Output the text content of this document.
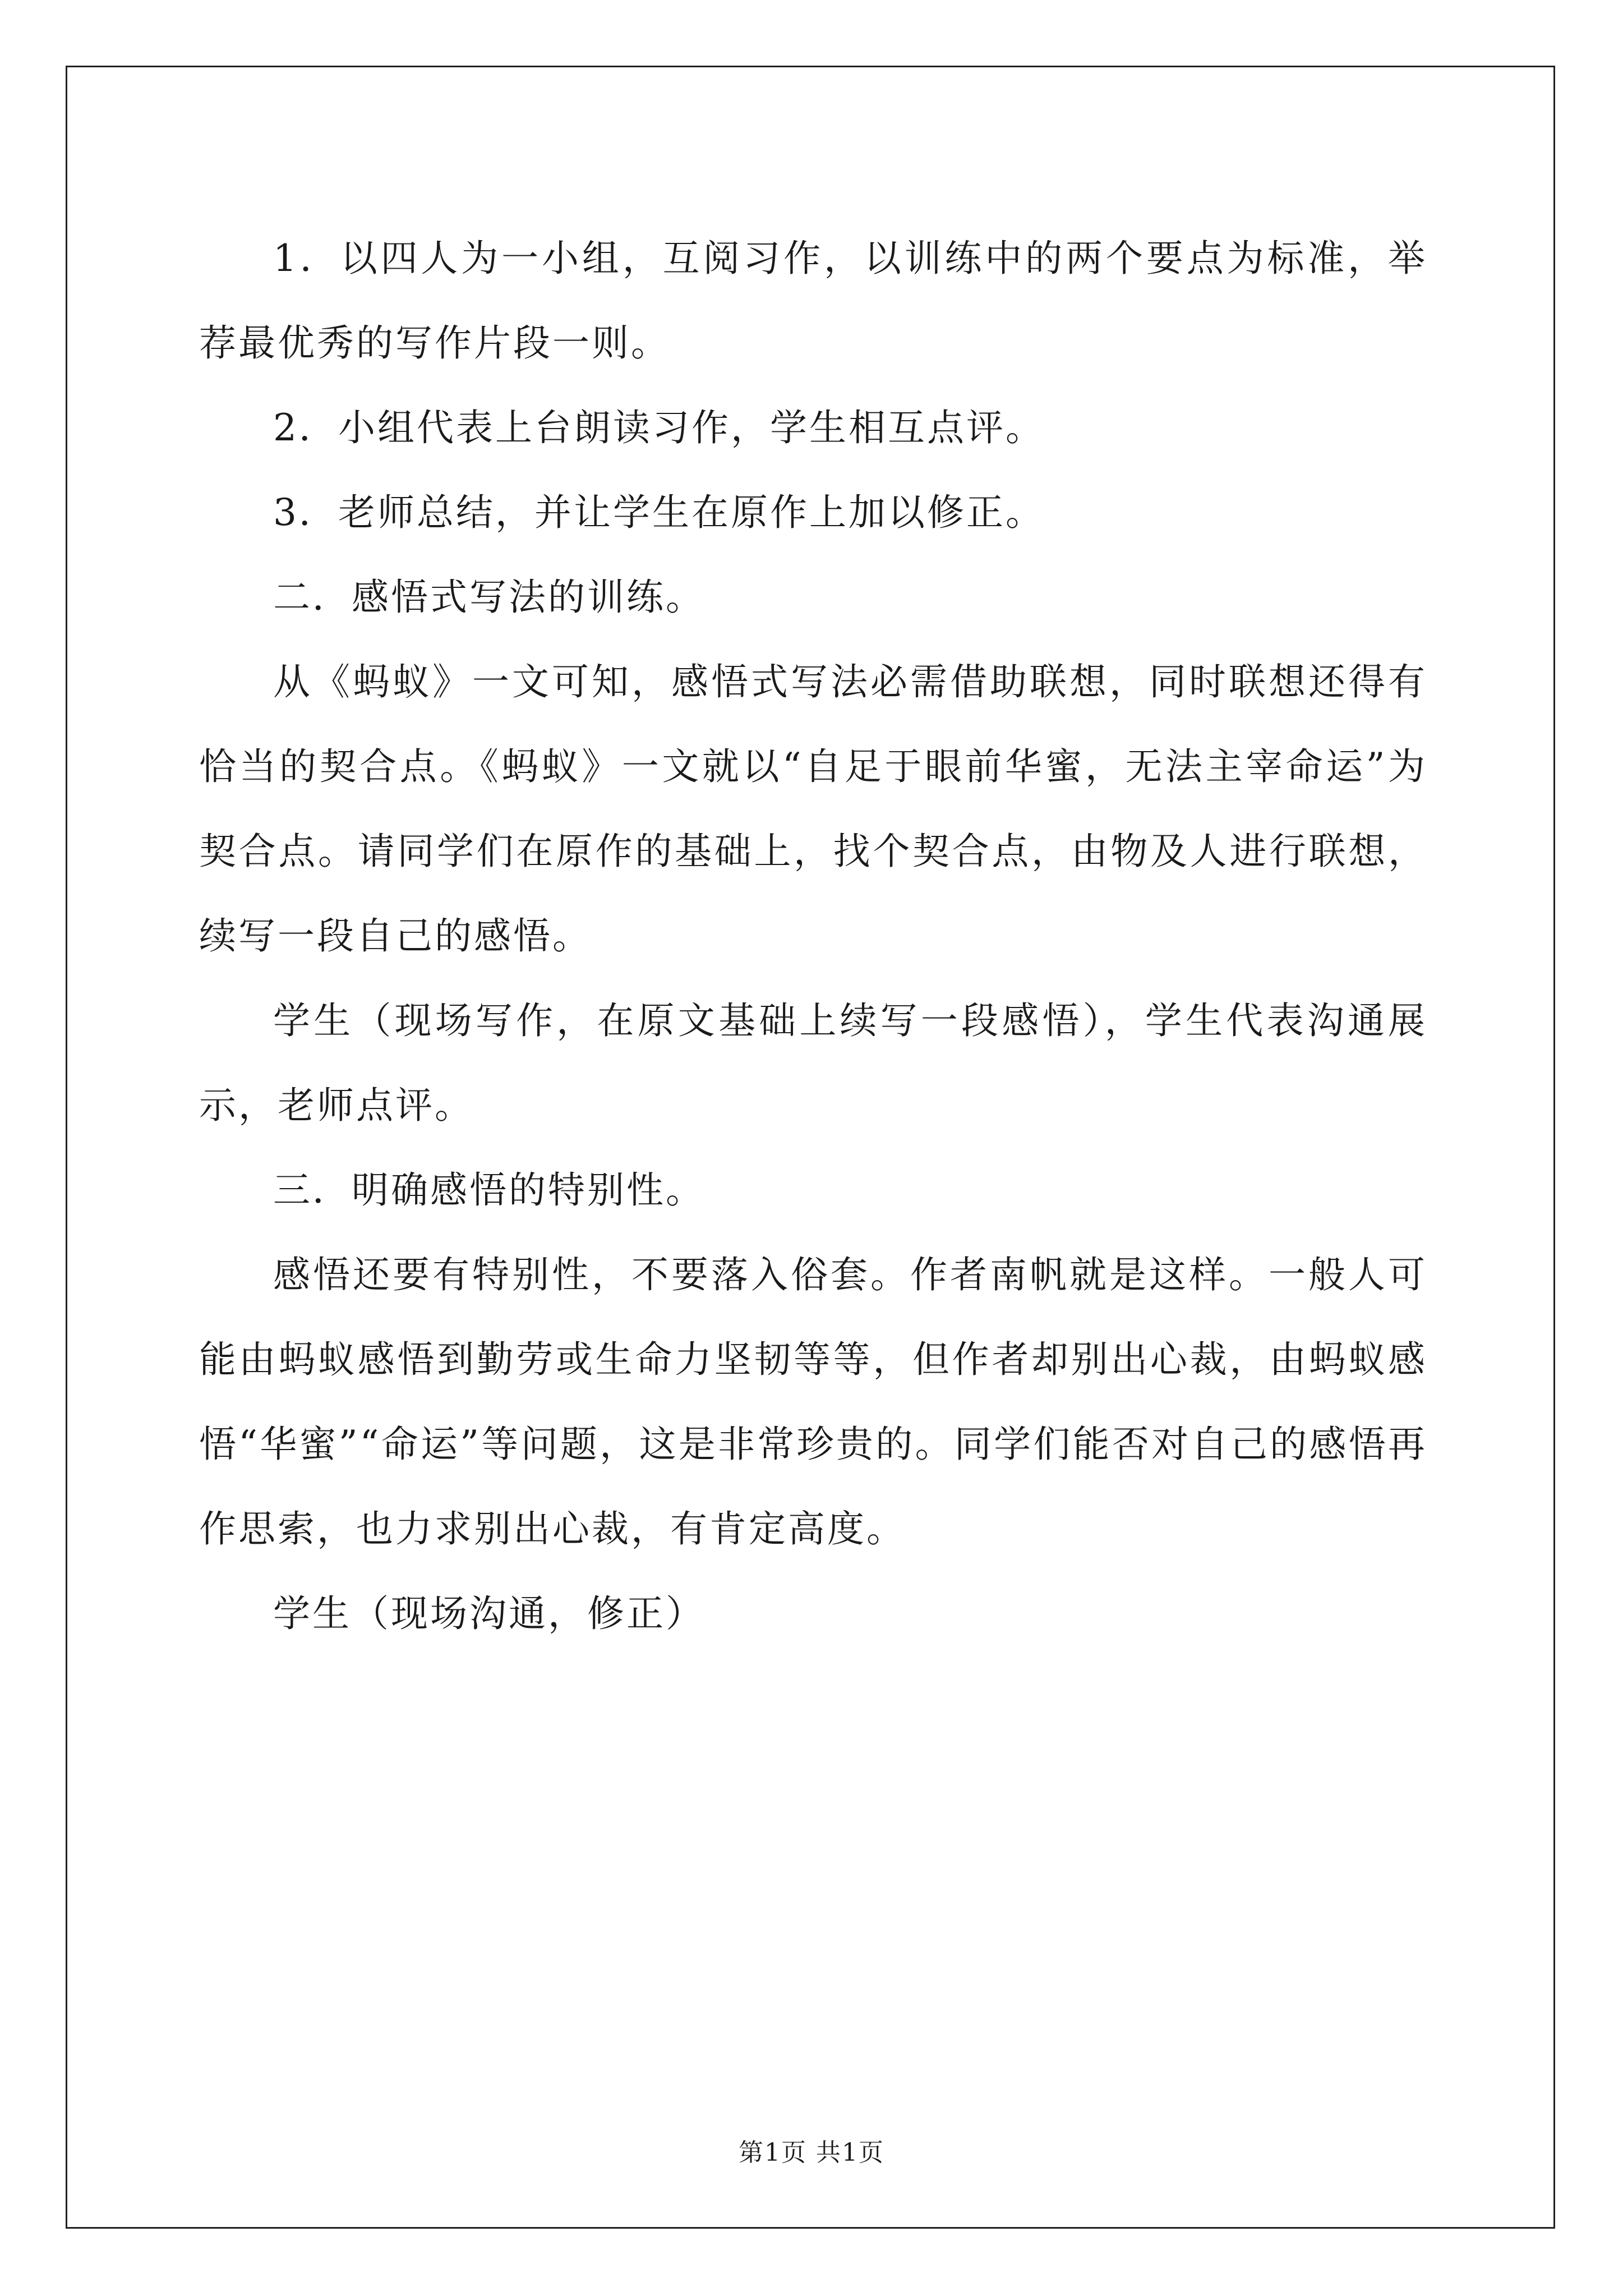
1．以四人为一小组，互阅习作，以训练中的两个要点为标准，举荐最优秀的写作片段一则。

2．小组代表上台朗读习作，学生相互点评。

3．老师总结，并让学生在原作上加以修正。

二．感悟式写法的训练。

从《蚂蚁》一文可知，感悟式写法必需借助联想，同时联想还得有恰当的契合点。《蚂蚁》一文就以“自足于眼前华蜜，无法主宰命运”为契合点。请同学们在原作的基础上，找个契合点，由物及人进行联想，续写一段自己的感悟。

学生（现场写作，在原文基础上续写一段感悟），学生代表沟通展示，老师点评。

三．明确感悟的特别性。

感悟还要有特别性，不要落入俗套。作者南帆就是这样。一般人可能由蚂蚁感悟到勤劳或生命力坚韧等等，但作者却别出心裁，由蚂蚁感悟“华蜜”“命运”等问题，这是非常珍贵的。同学们能否对自己的感悟再作思索，也力求别出心裁，有肯定高度。

学生（现场沟通，修正）

第1页 共1页
